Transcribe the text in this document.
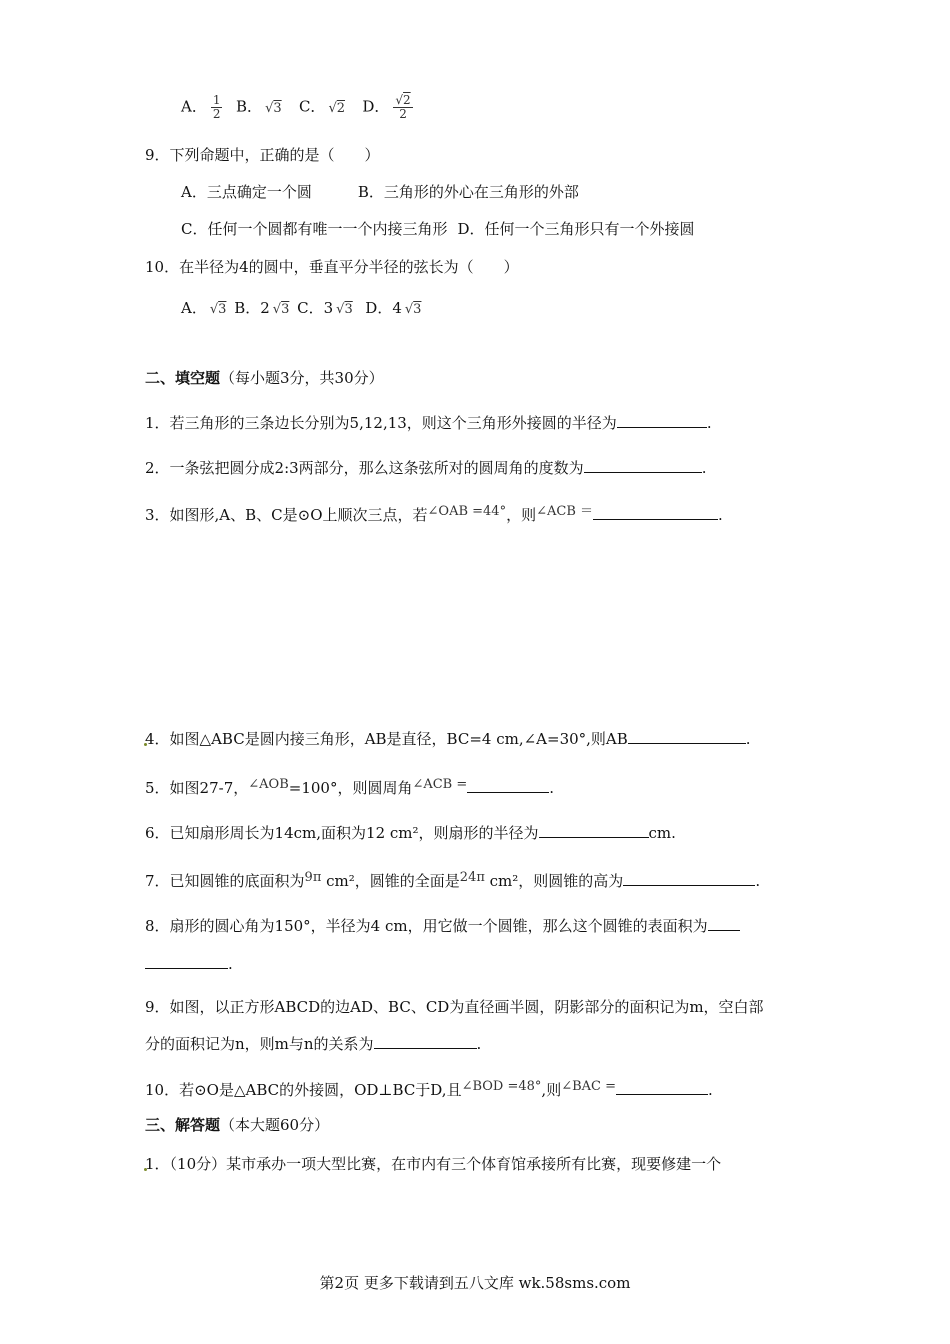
A． $\frac{1}{2}$ B． √3 C． √2 D． $\frac{√2}{2}$
9．下列命题中，正确的是（　　）
A．三点确定一个圆	B．三角形的外心在三角形的外部
C．任何一个圆都有唯一一个内接三角形 D．任何一个三角形只有一个外接圆
10．在半径为4的圆中，垂直平分半径的弦长为（　　）
A． √3 B．2 √3 C．3 √3 D．4 √3
二、填空题（每小题3分，共30分）
1．若三角形的三条边长分别为5,12,13，则这个三角形外接圆的半径为	.
2．一条弦把圆分成2:3两部分，那么这条弦所对的圆周角的度数为	.
3．如图形,A、B、C是⊙O上顺次三点，若∠OAB =44°，则∠ACB ＝	.
4．如图△ABC是圆内接三角形，AB是直径，BC=4 cm,∠A=30°,则AB	.
5．如图27-7，∠AOB=100°，则圆周角∠ACB =	.
6．已知扇形周长为14cm,面积为12 cm²，则扇形的半径为	cm.
7．已知圆锥的底面积为9π cm²，圆锥的全面是24π cm²，则圆锥的高为	.
8．扇形的圆心角为150°，半径为4 cm，用它做一个圆锥，那么这个圆锥的表面积为
.
9．如图，以正方形ABCD的边AD、BC、CD为直径画半圆，阴影部分的面积记为m，空白部
分的面积记为n，则m与n的关系为	.
10．若⊙O是△ABC的外接圆，OD⊥BC于D,且∠BOD =48°,则∠BAC =	.
三、解答题（本大题60分）
1．（10分）某市承办一项大型比赛，在市内有三个体育馆承接所有比赛，现要修建一个
第2页 更多下载请到五八文库 wk.58sms.com
